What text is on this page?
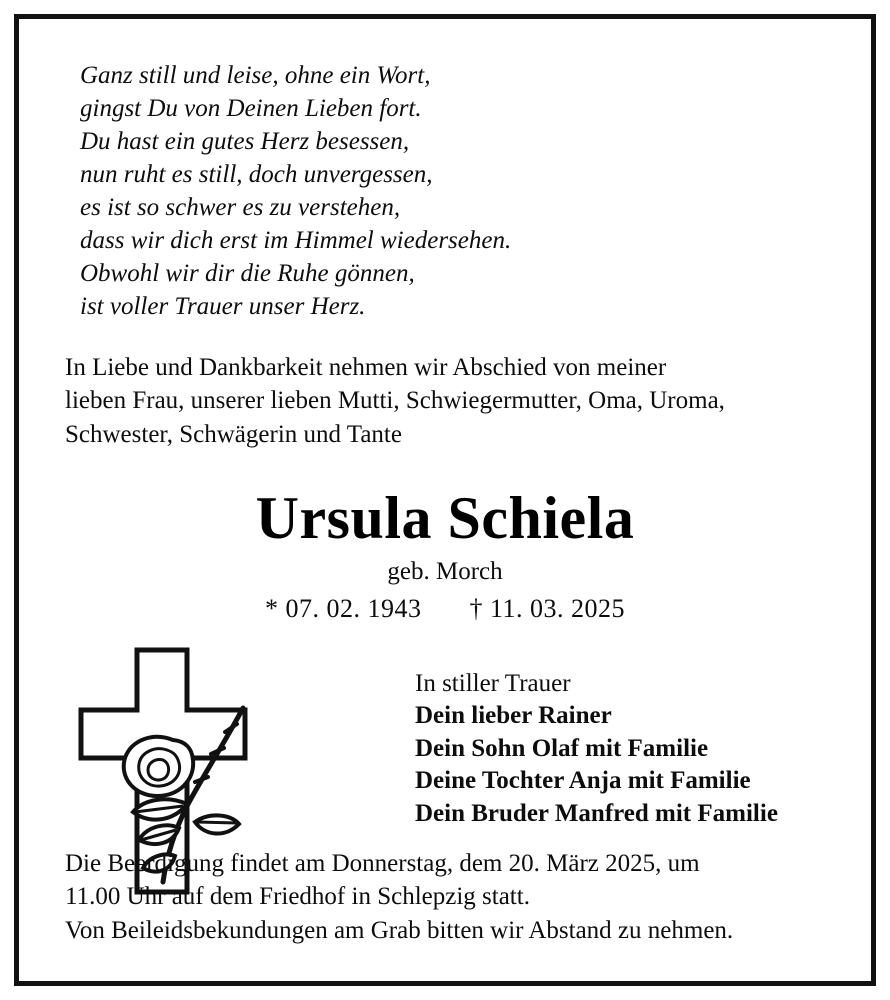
Ganz still und leise, ohne ein Wort,
gingst Du von Deinen Lieben fort.
Du hast ein gutes Herz besessen,
nun ruht es still, doch unvergessen,
es ist so schwer es zu verstehen,
dass wir dich erst im Himmel wiedersehen.
Obwohl wir dir die Ruhe gönnen,
ist voller Trauer unser Herz.
In Liebe und Dankbarkeit nehmen wir Abschied von meiner
lieben Frau, unserer lieben Mutti, Schwiegermutter, Oma, Uroma,
Schwester, Schwägerin und Tante
Ursula Schiela
geb. Morch
* 07. 02. 1943 † 11. 03. 2025
In stiller Trauer
Dein lieber Rainer
Dein Sohn Olaf mit Familie
Deine Tochter Anja mit Familie
Dein Bruder Manfred mit Familie
Die Beerdigung findet am Donnerstag, dem 20. März 2025, um
11.00 Uhr auf dem Friedhof in Schlepzig statt.
Von Beileidsbekundungen am Grab bitten wir Abstand zu nehmen.
